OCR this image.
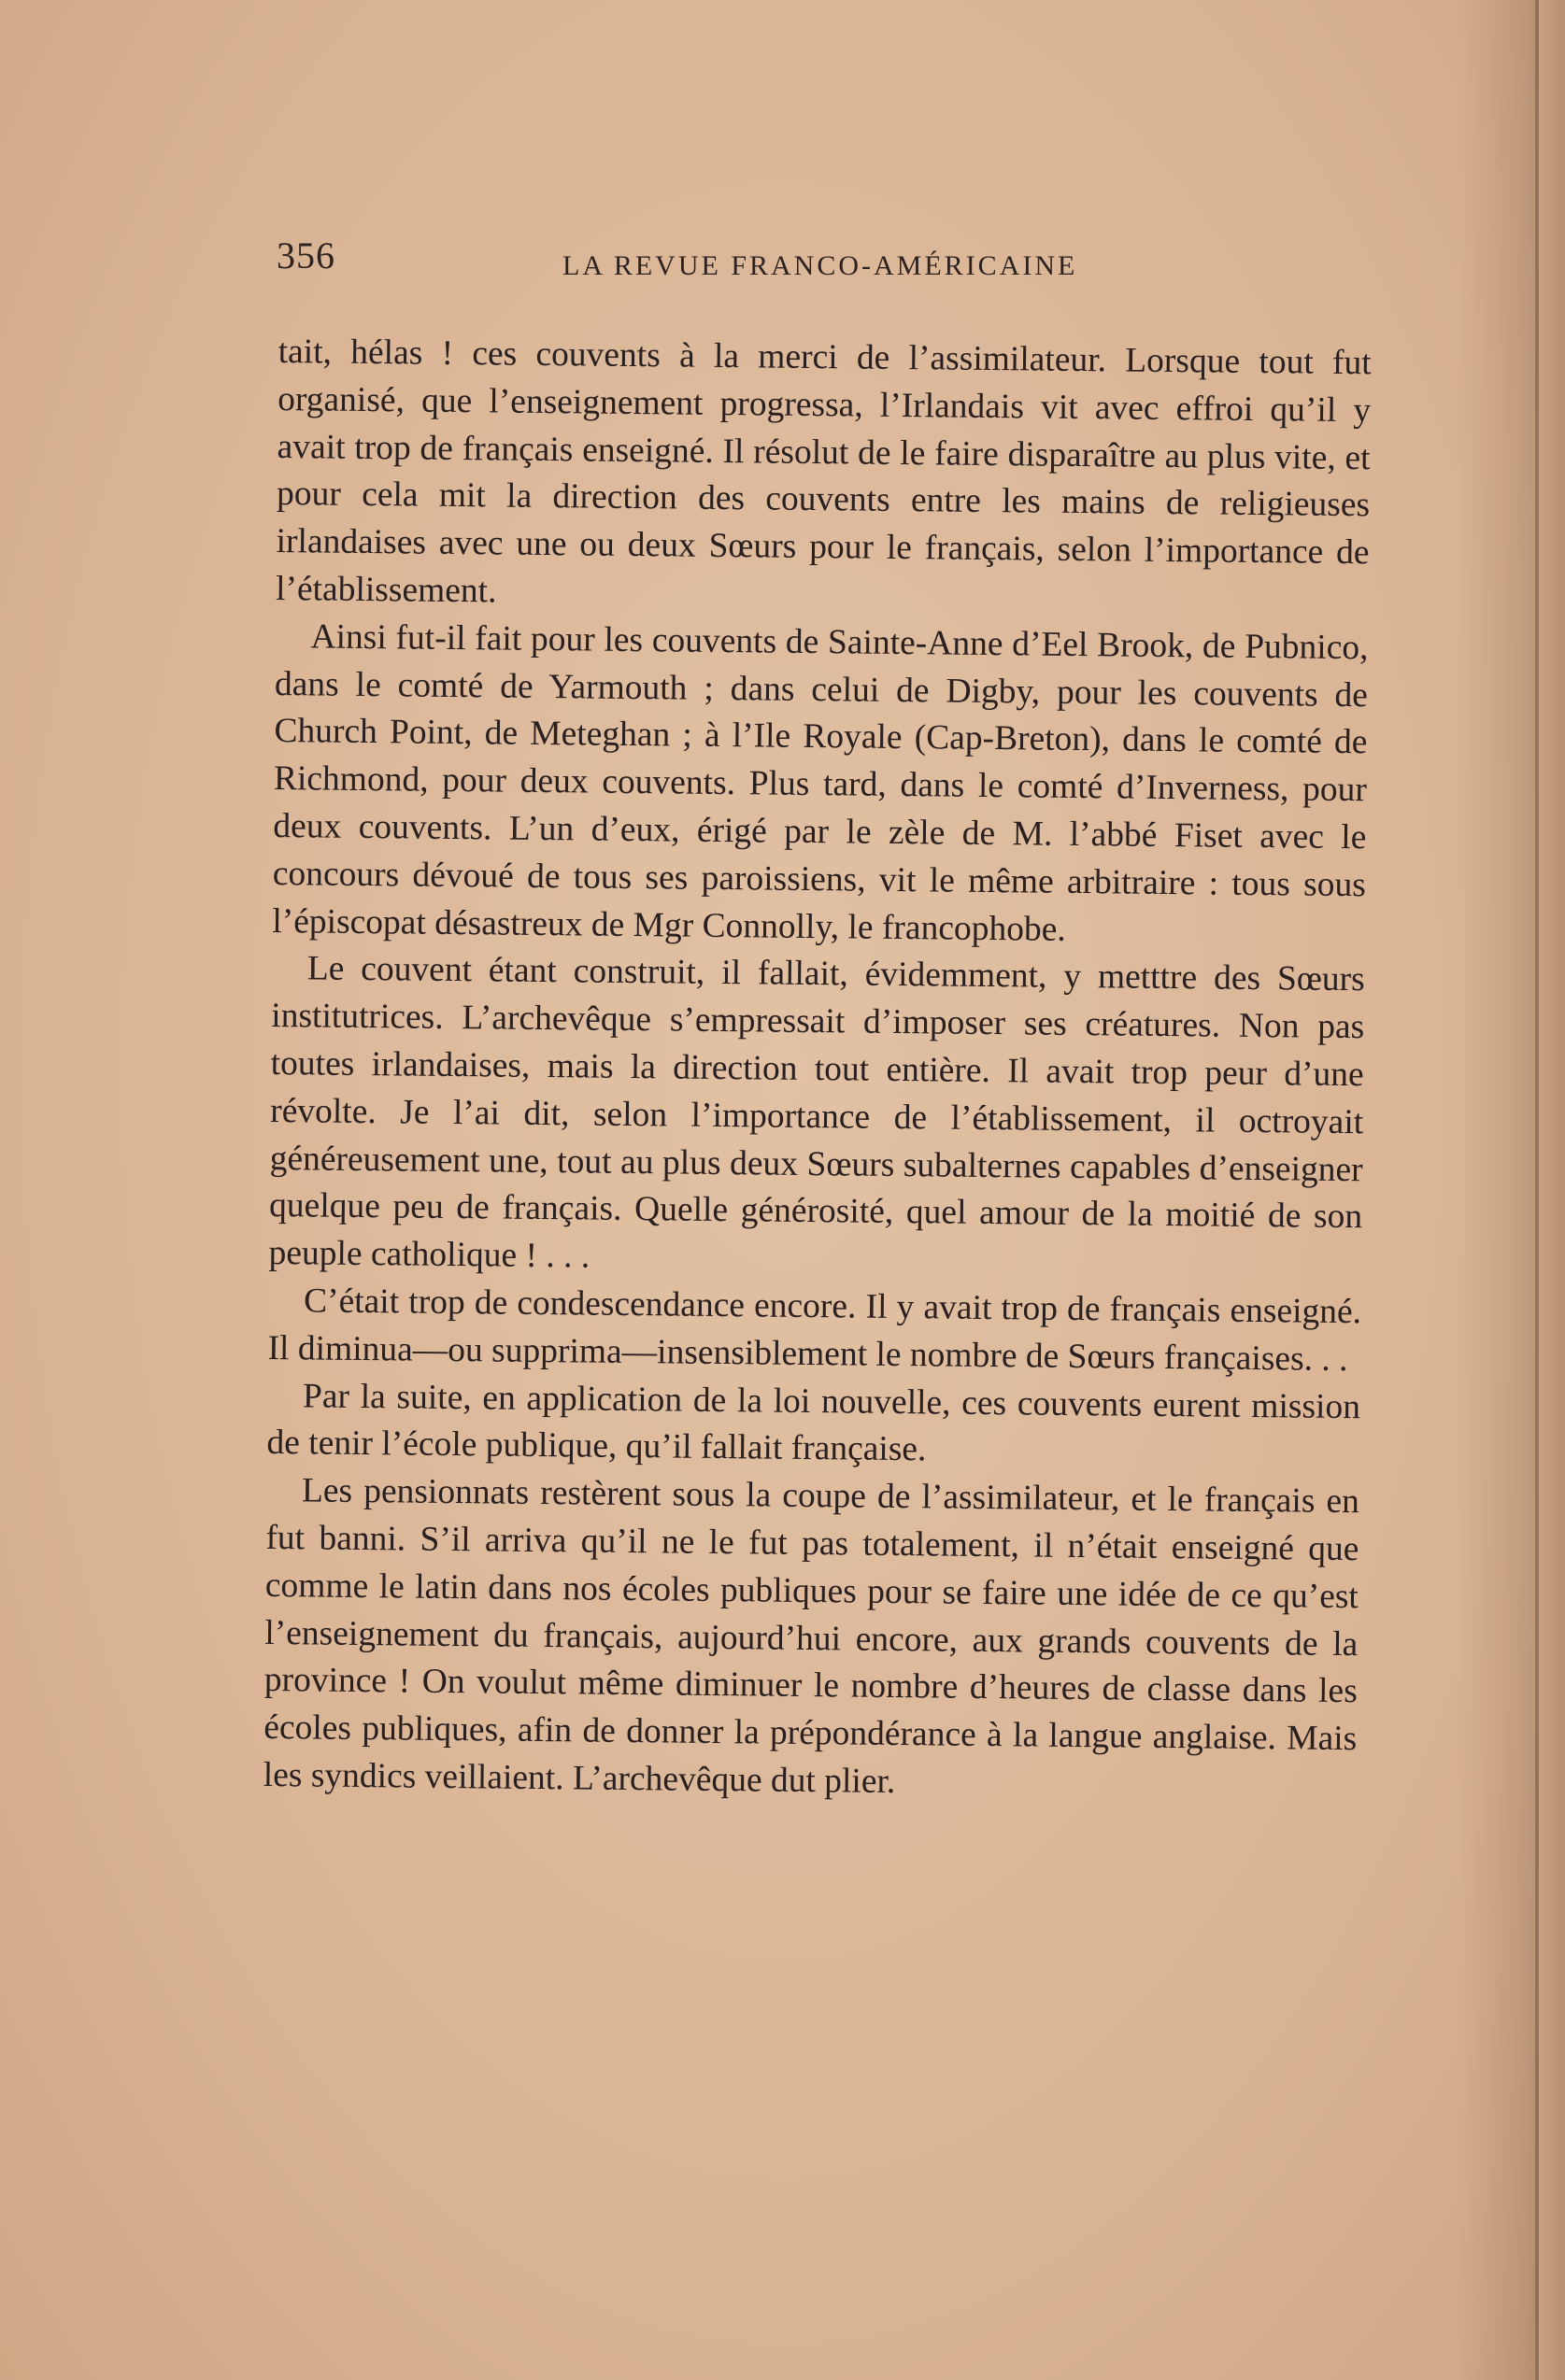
356	LA REVUE FRANCO-AMÉRICAINE

tait, hélas ! ces couvents à la merci de l’assimilateur. Lorsque tout fut organisé, que l’enseignement progressa, l’Irlandais vit avec effroi qu’il y avait trop de français enseigné. Il résolut de le faire disparaître au plus vite, et pour cela mit la direction des couvents entre les mains de religieuses irlandaises avec une ou deux Sœurs pour le français, selon l’importance de l’établissement.

Ainsi fut-il fait pour les couvents de Sainte-Anne d’Eel Brook, de Pubnico, dans le comté de Yarmouth ; dans celui de Digby, pour les couvents de Church Point, de Meteghan ; à l’Ile Royale (Cap-Breton), dans le comté de Richmond, pour deux couvents. Plus tard, dans le comté d’Inverness, pour deux couvents. L’un d’eux, érigé par le zèle de M. l’abbé Fiset avec le concours dévoué de tous ses paroissiens, vit le même arbitraire : tous sous l’épiscopat désastreux de Mgr Connolly, le francophobe.

Le couvent étant construit, il fallait, évidemment, y metttre des Sœurs institutrices. L’archevêque s’empressait d’imposer ses créatures. Non pas toutes irlandaises, mais la direction tout entière. Il avait trop peur d’une révolte. Je l’ai dit, selon l’importance de l’établissement, il octroyait généreusement une, tout au plus deux Sœurs subalternes capables d’enseigner quelque peu de français. Quelle générosité, quel amour de la moitié de son peuple catholique ! . . .

C’était trop de condescendance encore. Il y avait trop de français enseigné. Il diminua—ou supprima—insensiblement le nombre de Sœurs françaises. . .

Par la suite, en application de la loi nouvelle, ces couvents eurent mission de tenir l’école publique, qu’il fallait française.

Les pensionnats restèrent sous la coupe de l’assimilateur, et le français en fut banni. S’il arriva qu’il ne le fut pas totalement, il n’était enseigné que comme le latin dans nos écoles publiques pour se faire une idée de ce qu’est l’enseignement du français, aujourd’hui encore, aux grands couvents de la province ! On voulut même diminuer le nombre d’heures de classe dans les écoles publiques, afin de donner la prépondérance à la langue anglaise. Mais les syndics veillaient. L’archevêque dut plier.
